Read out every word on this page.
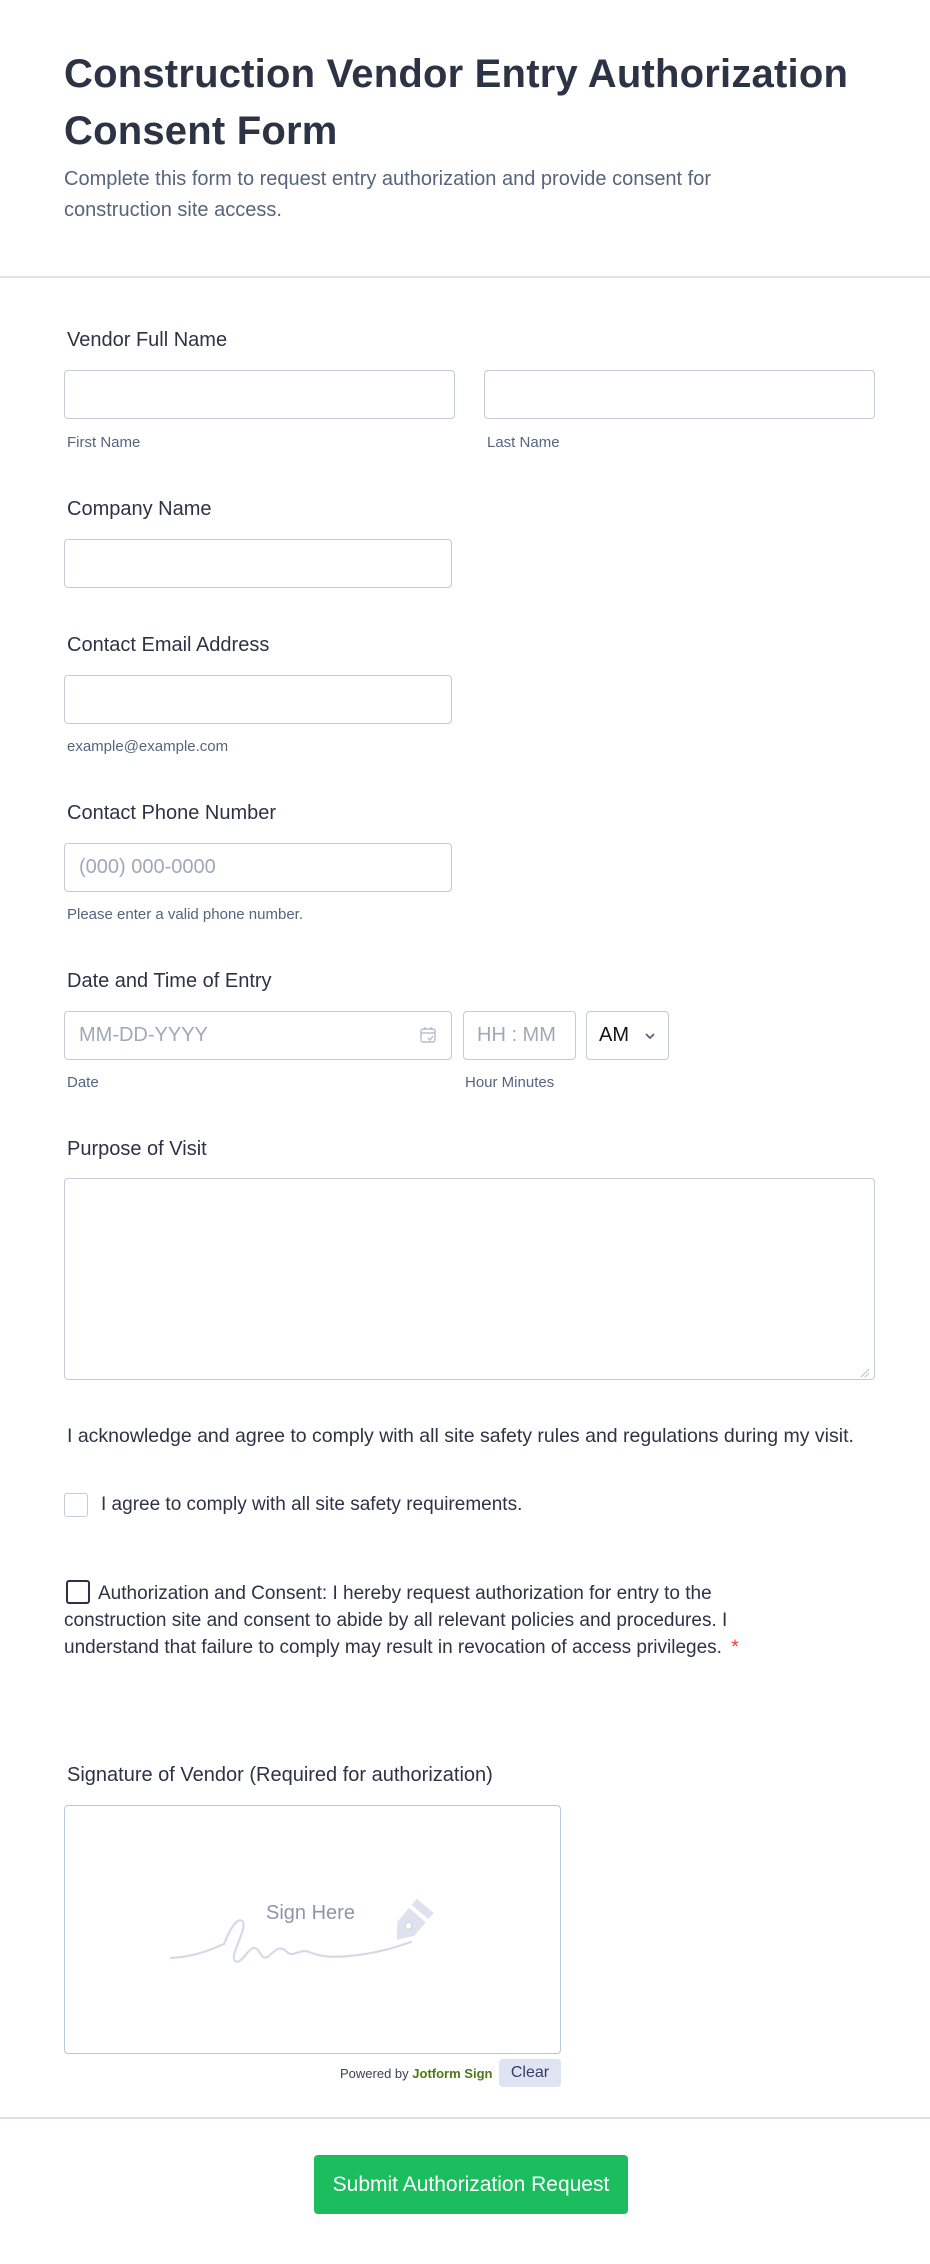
Construction Vendor Entry Authorization Consent Form

Complete this form to request entry authorization and provide consent for construction site access.

Vendor Full Name
First Name	Last Name
Company Name
Contact Email Address
example@example.com
Contact Phone Number
(000) 000-0000
Please enter a valid phone number.
Date and Time of Entry
MM-DD-YYYY	HH : MM	AM
Date	Hour Minutes
Purpose of Visit
I acknowledge and agree to comply with all site safety rules and regulations during my visit.
I agree to comply with all site safety requirements.
Authorization and Consent: I hereby request authorization for entry to the construction site and consent to abide by all relevant policies and procedures. I understand that failure to comply may result in revocation of access privileges. *
Signature of Vendor (Required for authorization)
Sign Here
Powered by Jotform Sign	Clear
Submit Authorization Request
